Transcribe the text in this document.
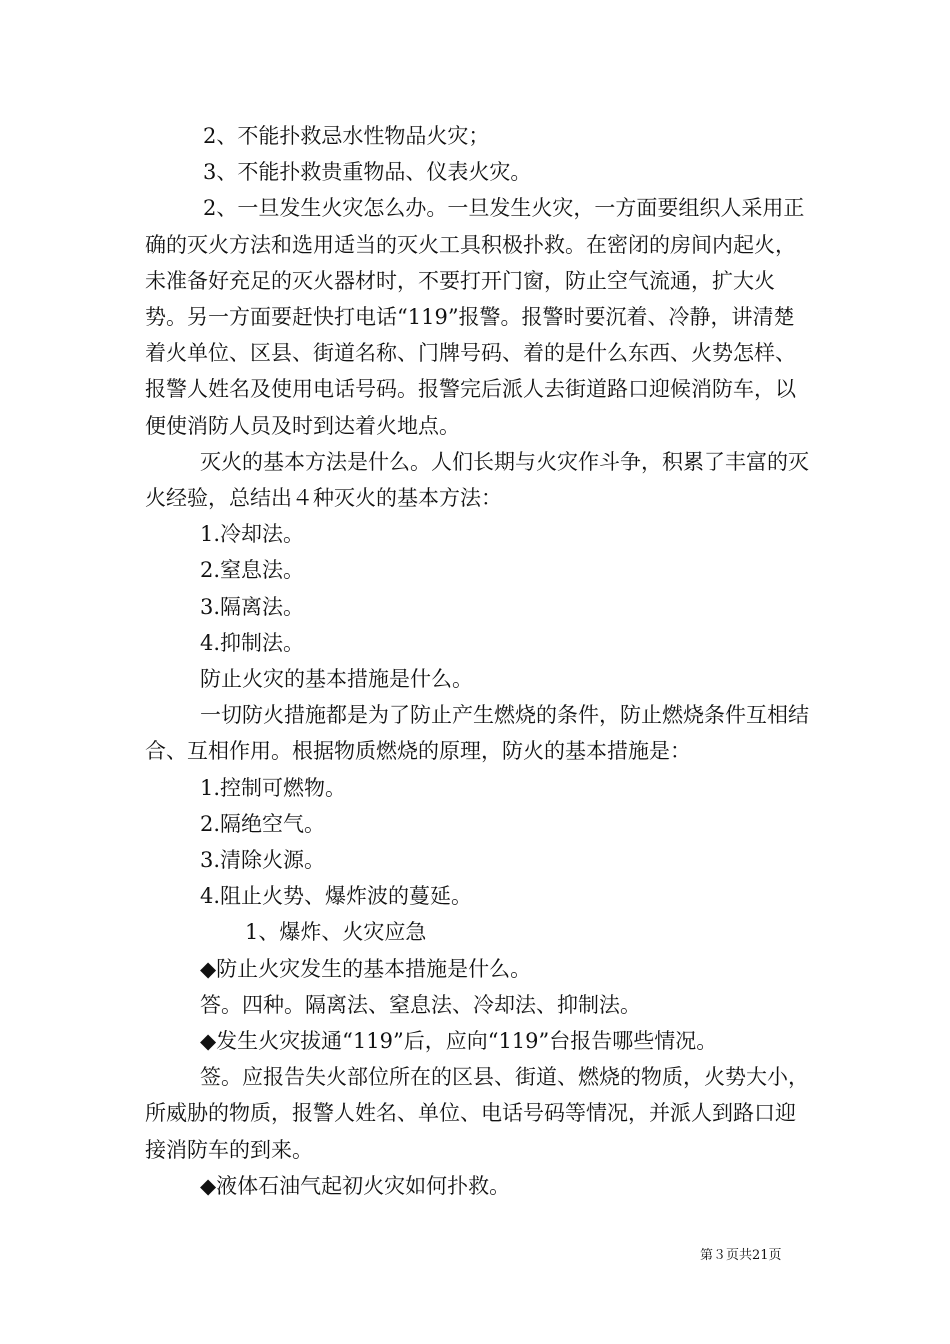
2、不能扑救忌水性物品火灾；

3、不能扑救贵重物品、仪表火灾。

2、一旦发生火灾怎么办。一旦发生火灾，一方面要组织人采用正确的灭火方法和选用适当的灭火工具积极扑救。在密闭的房间内起火，未准备好充足的灭火器材时，不要打开门窗，防止空气流通，扩大火势。另一方面要赶快打电话“119”报警。报警时要沉着、冷静，讲清楚着火单位、区县、街道名称、门牌号码、着的是什么东西、火势怎样、报警人姓名及使用电话号码。报警完后派人去街道路口迎候消防车，以便使消防人员及时到达着火地点。

灭火的基本方法是什么。人们长期与火灾作斗争，积累了丰富的灭火经验，总结出４种灭火的基本方法：

1.冷却法。

2.窒息法。

3.隔离法。

4.抑制法。

防止火灾的基本措施是什么。

一切防火措施都是为了防止产生燃烧的条件，防止燃烧条件互相结合、互相作用。根据物质燃烧的原理，防火的基本措施是：

1.控制可燃物。

2.隔绝空气。

3.清除火源。

4.阻止火势、爆炸波的蔓延。

1、爆炸、火灾应急

◆防止火灾发生的基本措施是什么。

答。四种。隔离法、窒息法、冷却法、抑制法。

◆发生火灾拔通“119”后，应向“119”台报告哪些情况。

签。应报告失火部位所在的区县、街道、燃烧的物质，火势大小，所威胁的物质，报警人姓名、单位、电话号码等情况，并派人到路口迎接消防车的到来。

◆液体石油气起初火灾如何扑救。

第３页共21页
